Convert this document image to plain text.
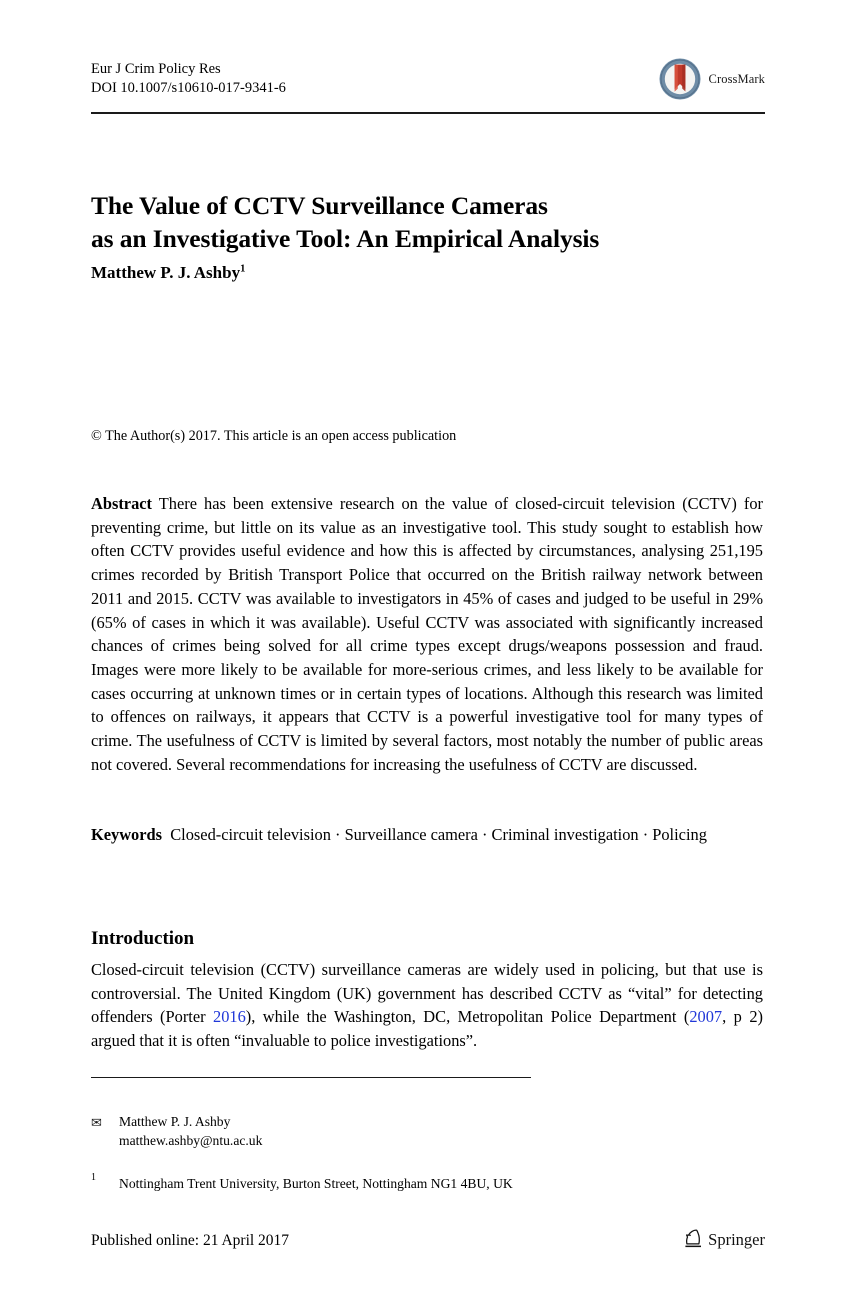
Eur J Crim Policy Res
DOI 10.1007/s10610-017-9341-6
CrossMark
The Value of CCTV Surveillance Cameras
as an Investigative Tool: An Empirical Analysis
Matthew P. J. Ashby$^1$
© The Author(s) 2017. This article is an open access publication
Abstract There has been extensive research on the value of closed-circuit television (CCTV) for preventing crime, but little on its value as an investigative tool. This study sought to establish how often CCTV provides useful evidence and how this is affected by circumstances, analysing 251,195 crimes recorded by British Transport Police that occurred on the British railway network between 2011 and 2015. CCTV was available to investigators in 45% of cases and judged to be useful in 29% (65% of cases in which it was available). Useful CCTV was associated with significantly increased chances of crimes being solved for all crime types except drugs/weapons possession and fraud. Images were more likely to be available for more-serious crimes, and less likely to be available for cases occurring at unknown times or in certain types of locations. Although this research was limited to offences on railways, it appears that CCTV is a powerful investigative tool for many types of crime. The usefulness of CCTV is limited by several factors, most notably the number of public areas not covered. Several recommendations for increasing the usefulness of CCTV are discussed.
Keywords Closed-circuit television · Surveillance camera · Criminal investigation · Policing
Introduction
Closed-circuit television (CCTV) surveillance cameras are widely used in policing, but that use is controversial. The United Kingdom (UK) government has described CCTV as “vital” for detecting offenders (Porter 2016), while the Washington, DC, Metropolitan Police Department (2007, p 2) argued that it is often “invaluable to police investigations”.
✉ Matthew P. J. Ashby
matthew.ashby@ntu.ac.uk
1 Nottingham Trent University, Burton Street, Nottingham NG1 4BU, UK
Published online: 21 April 2017	Springer
